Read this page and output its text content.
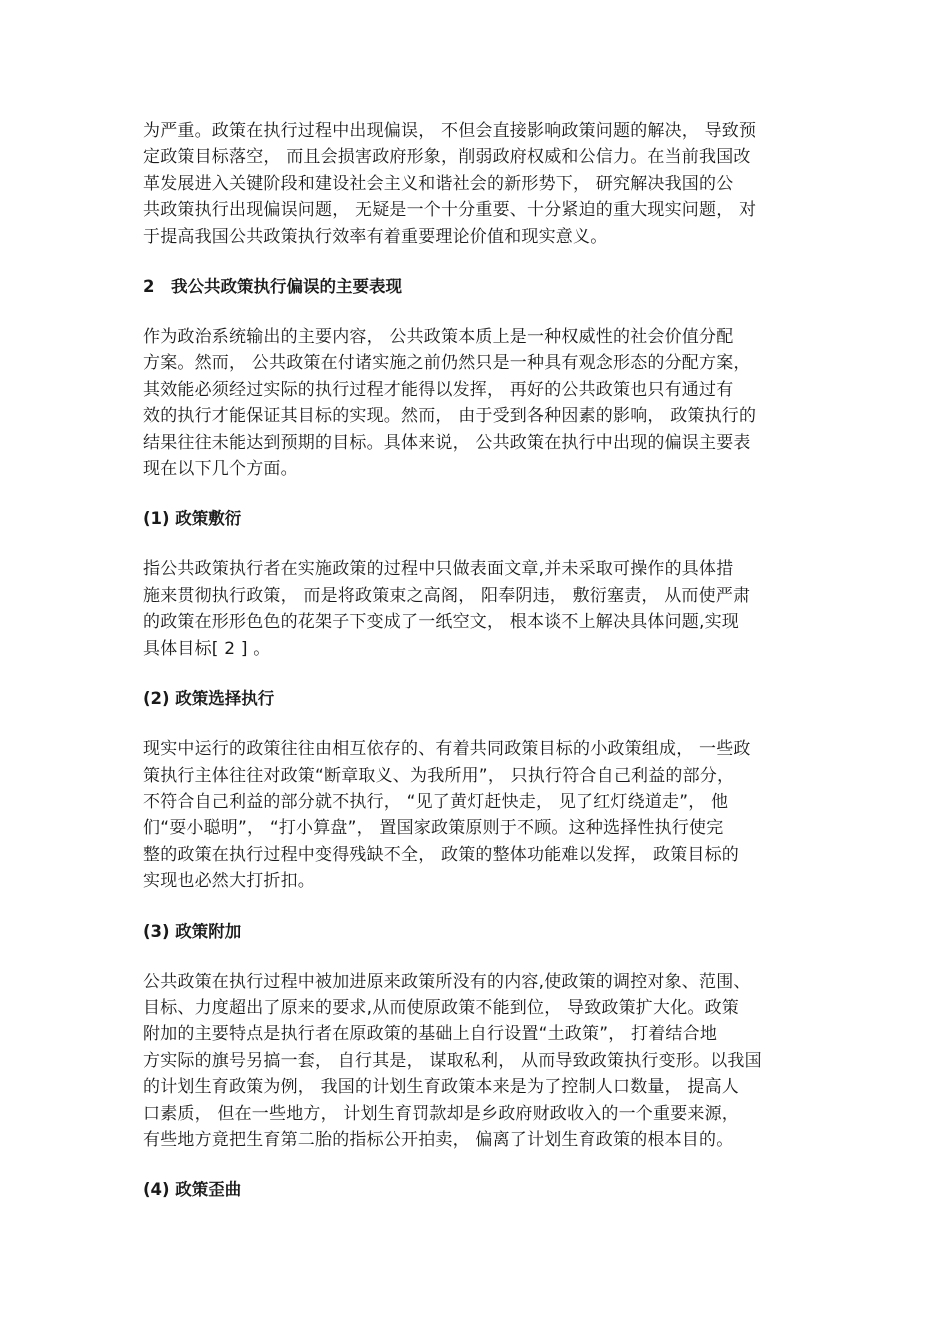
为严重。政策在执行过程中出现偏误， 不但会直接影响政策问题的解决， 导致预
定政策目标落空， 而且会损害政府形象，削弱政府权威和公信力。在当前我国改
革发展进入关键阶段和建设社会主义和谐社会的新形势下， 研究解决我国的公
共政策执行出现偏误问题， 无疑是一个十分重要、十分紧迫的重大现实问题， 对
于提高我国公共政策执行效率有着重要理论价值和现实意义。

2　我公共政策执行偏误的主要表现

作为政治系统输出的主要内容， 公共政策本质上是一种权威性的社会价值分配
方案。然而， 公共政策在付诸实施之前仍然只是一种具有观念形态的分配方案，
其效能必须经过实际的执行过程才能得以发挥， 再好的公共政策也只有通过有
效的执行才能保证其目标的实现。然而， 由于受到各种因素的影响， 政策执行的
结果往往未能达到预期的目标。具体来说， 公共政策在执行中出现的偏误主要表
现在以下几个方面。

(1) 政策敷衍

指公共政策执行者在实施政策的过程中只做表面文章,并未采取可操作的具体措
施来贯彻执行政策， 而是将政策束之高阁， 阳奉阴违， 敷衍塞责， 从而使严肃
的政策在形形色色的花架子下变成了一纸空文， 根本谈不上解决具体问题,实现
具体目标[ 2 ] 。

(2) 政策选择执行

现实中运行的政策往往由相互依存的、有着共同政策目标的小政策组成， 一些政
策执行主体往往对政策“断章取义、为我所用”， 只执行符合自己利益的部分，
不符合自己利益的部分就不执行， “见了黄灯赶快走， 见了红灯绕道走”， 他
们“耍小聪明”， “打小算盘”， 置国家政策原则于不顾。这种选择性执行使完
整的政策在执行过程中变得残缺不全， 政策的整体功能难以发挥， 政策目标的
实现也必然大打折扣。

(3) 政策附加

公共政策在执行过程中被加进原来政策所没有的内容,使政策的调控对象、范围、
目标、力度超出了原来的要求,从而使原政策不能到位， 导致政策扩大化。政策
附加的主要特点是执行者在原政策的基础上自行设置“土政策”， 打着结合地
方实际的旗号另搞一套， 自行其是， 谋取私利， 从而导致政策执行变形。以我国
的计划生育政策为例， 我国的计划生育政策本来是为了控制人口数量， 提高人
口素质， 但在一些地方， 计划生育罚款却是乡政府财政收入的一个重要来源，
有些地方竟把生育第二胎的指标公开拍卖， 偏离了计划生育政策的根本目的。

(4) 政策歪曲
